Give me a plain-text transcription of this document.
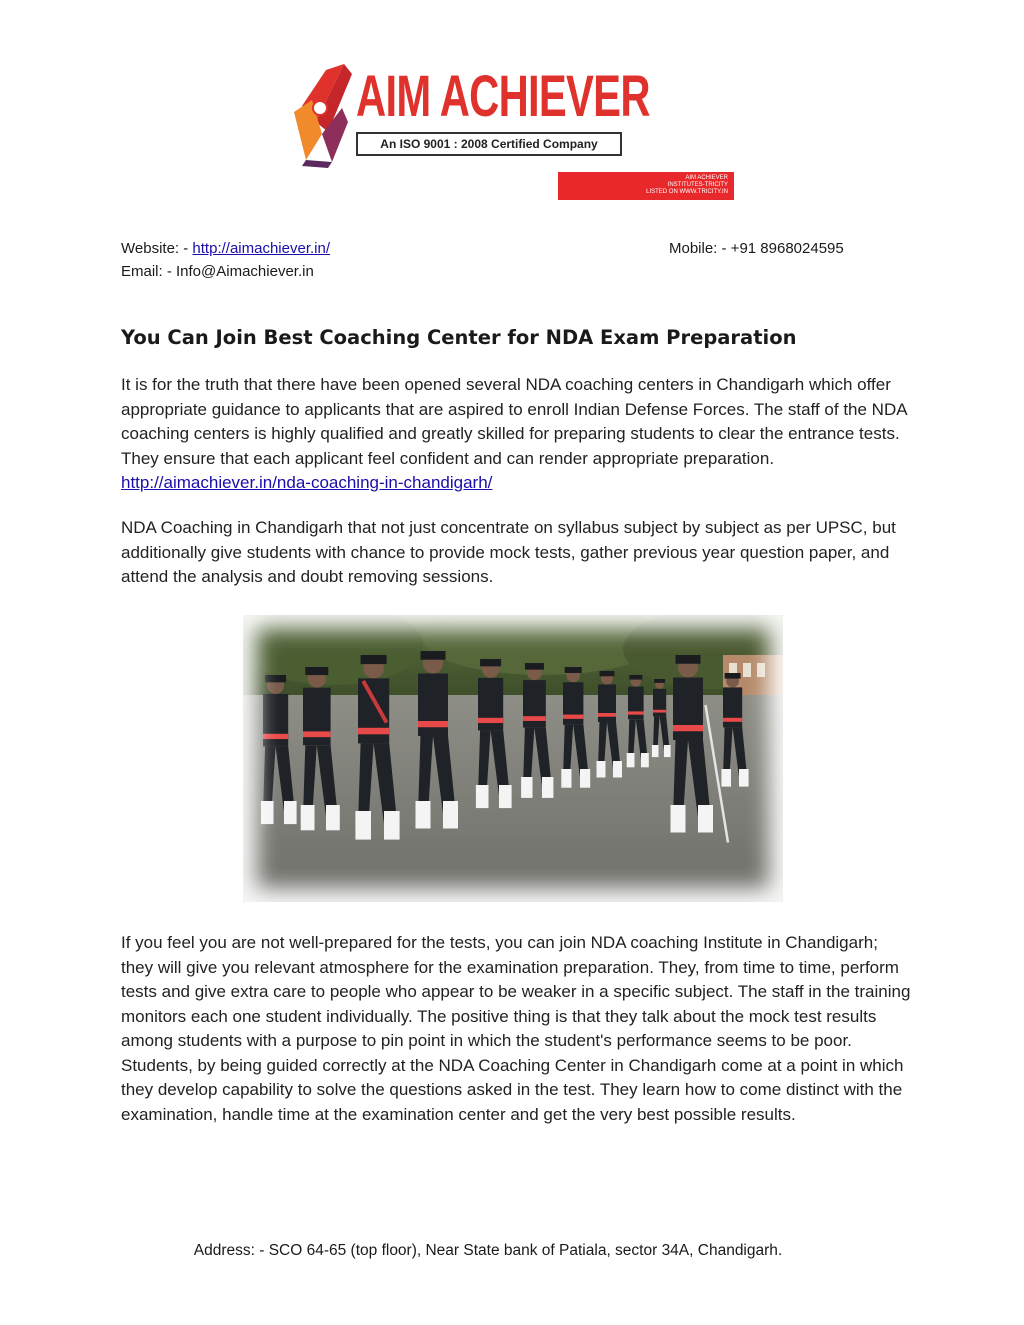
AIM ACHIEVER
An ISO 9001 : 2008 Certified Company
AIM ACHIEVER
INSTITUTES-TRICITY
LISTED ON WWW.TRICITY.IN
Website: - http://aimachiever.in/	Mobile: - +91 8968024595
Email: - Info@Aimachiever.in
You Can Join Best Coaching Center for NDA Exam Preparation

It is for the truth that there have been opened several NDA coaching centers in Chandigarh which offer appropriate guidance to applicants that are aspired to enroll Indian Defense Forces. The staff of the NDA coaching centers is highly qualified and greatly skilled for preparing students to clear the entrance tests. They ensure that each applicant feel confident and can render appropriate preparation.  http://aimachiever.in/nda-coaching-in-chandigarh/

NDA Coaching in Chandigarh that not just concentrate on syllabus subject by subject as per UPSC, but additionally give students with chance to provide mock tests, gather previous year question paper, and attend the analysis and doubt removing sessions.

If you feel you are not well-prepared for the tests, you can join NDA coaching Institute in Chandigarh; they will give you relevant atmosphere for the examination preparation. They, from time to time, perform tests and give extra care to people who appear to be weaker in a specific subject. The staff in the training monitors each one student individually. The positive thing is that they talk about the mock test results among students with a purpose to pin point in which the student's performance seems to be poor. Students, by being guided correctly at the NDA Coaching Center in Chandigarh come at a point in which they develop capability to solve the questions asked in the test. They learn how to come distinct with the examination, handle time at the examination center and get the very best possible results.

Address: - SCO 64-65 (top floor), Near State bank of Patiala, sector 34A, Chandigarh.
